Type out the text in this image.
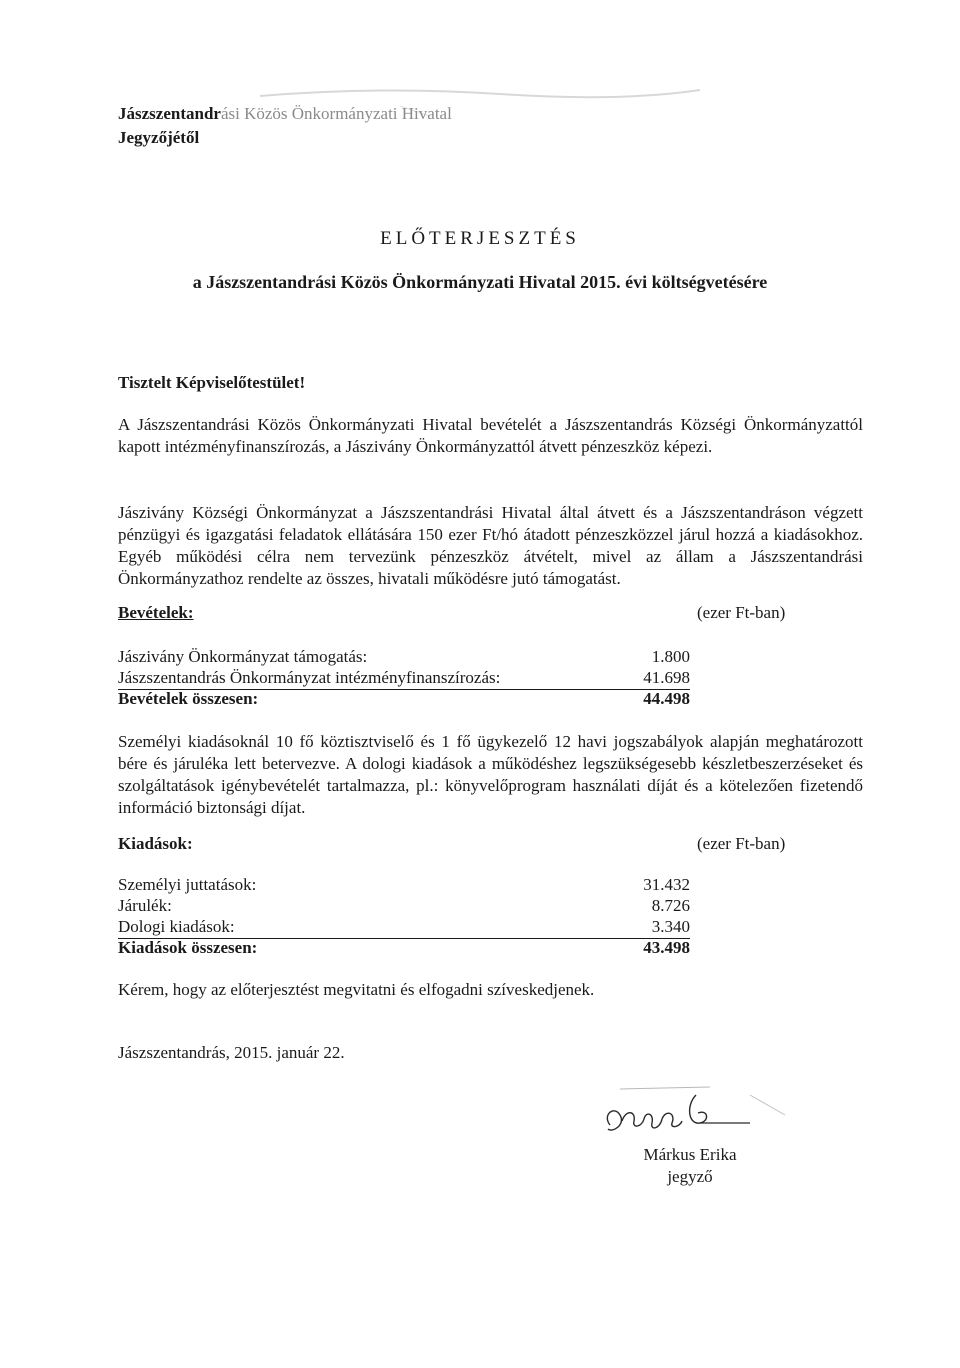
Jászszentandrási Közös Önkormányzati Hivatal
Jegyzőjétől
ELŐTERJESZTÉS
a Jászszentandrási Közös Önkormányzati Hivatal 2015. évi költségvetésére
Tisztelt Képviselőtestület!
A Jászszentandrási Közös Önkormányzati Hivatal bevételét a Jászszentandrás Községi Önkormányzattól kapott intézményfinanszírozás, a Jászivány Önkormányzattól átvett pénzeszköz képezi.
Jászivány Községi Önkormányzat a Jászszentandrási Hivatal által átvett és a Jászszentandráson végzett pénzügyi és igazgatási feladatok ellátására 150 ezer Ft/hó átadott pénzeszközzel járul hozzá a kiadásokhoz. Egyéb működési célra nem tervezünk pénzeszköz átvételt, mivel az állam a Jászszentandrási Önkormányzathoz rendelte az összes, hivatali működésre jutó támogatást.
Bevételek:	(ezer Ft-ban)
Jászivány Önkormányzat támogatás:	1.800
Jászszentandrás Önkormányzat intézményfinanszírozás:	41.698
Bevételek összesen:	44.498
Személyi kiadásoknál 10 fő köztisztviselő és 1 fő ügykezelő 12 havi jogszabályok alapján meghatározott bére és járuléka lett betervezve. A dologi kiadások a működéshez legszükségesebb készletbeszerzéseket és szolgáltatások igénybevételét tartalmazza, pl.: könyvelőprogram használati díját és a kötelezően fizetendő információ biztonsági díjat.
Kiadások:	(ezer Ft-ban)
Személyi juttatások:	31.432
Járulék:	8.726
Dologi kiadások:	3.340
Kiadások összesen:	43.498
Kérem, hogy az előterjesztést megvitatni és elfogadni szíveskedjenek.
Jászszentandrás, 2015. január 22.
Márkus Erika
jegyző
